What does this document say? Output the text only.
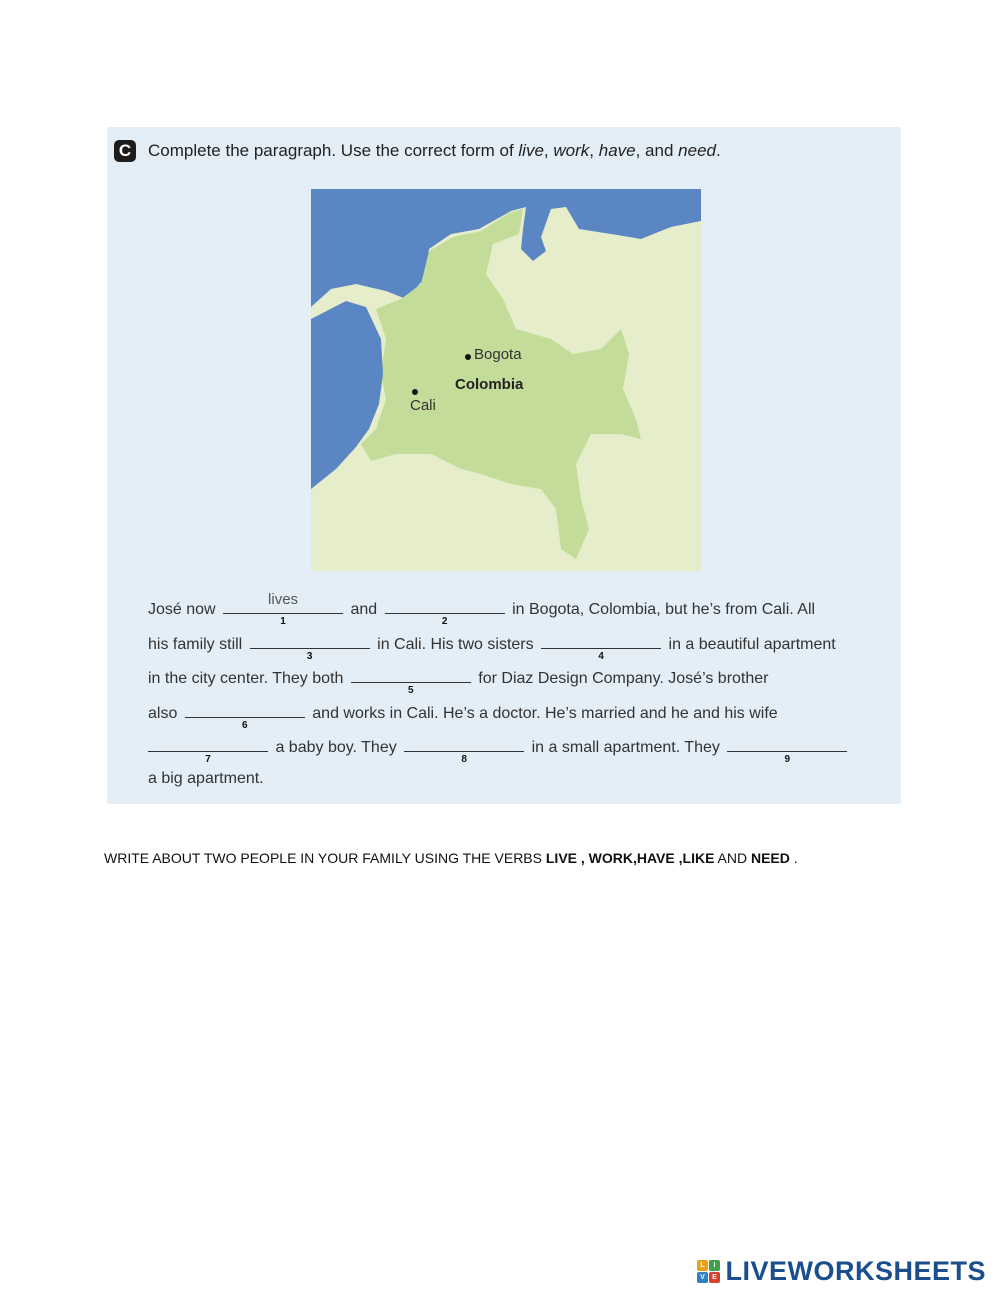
C Complete the paragraph. Use the correct form of live, work, have, and need.
Bogota
Colombia
Cali
José now
lives
1
and
2
in Bogota, Colombia, but he’s from Cali. All
his family still
3
in Cali. His two sisters
4
in a beautiful apartment
in the city center. They both
5
for Diaz Design Company. José’s brother
also
6
and works in Cali. He’s a doctor. He’s married and he and his wife
7
a baby boy. They
8
in a small apartment. They
9
a big apartment.
WRITE ABOUT TWO PEOPLE IN YOUR FAMILY USING THE VERBS LIVE , WORK,HAVE ,LIKE AND NEED .
L	I
V	E LIVEWORKSHEETS
